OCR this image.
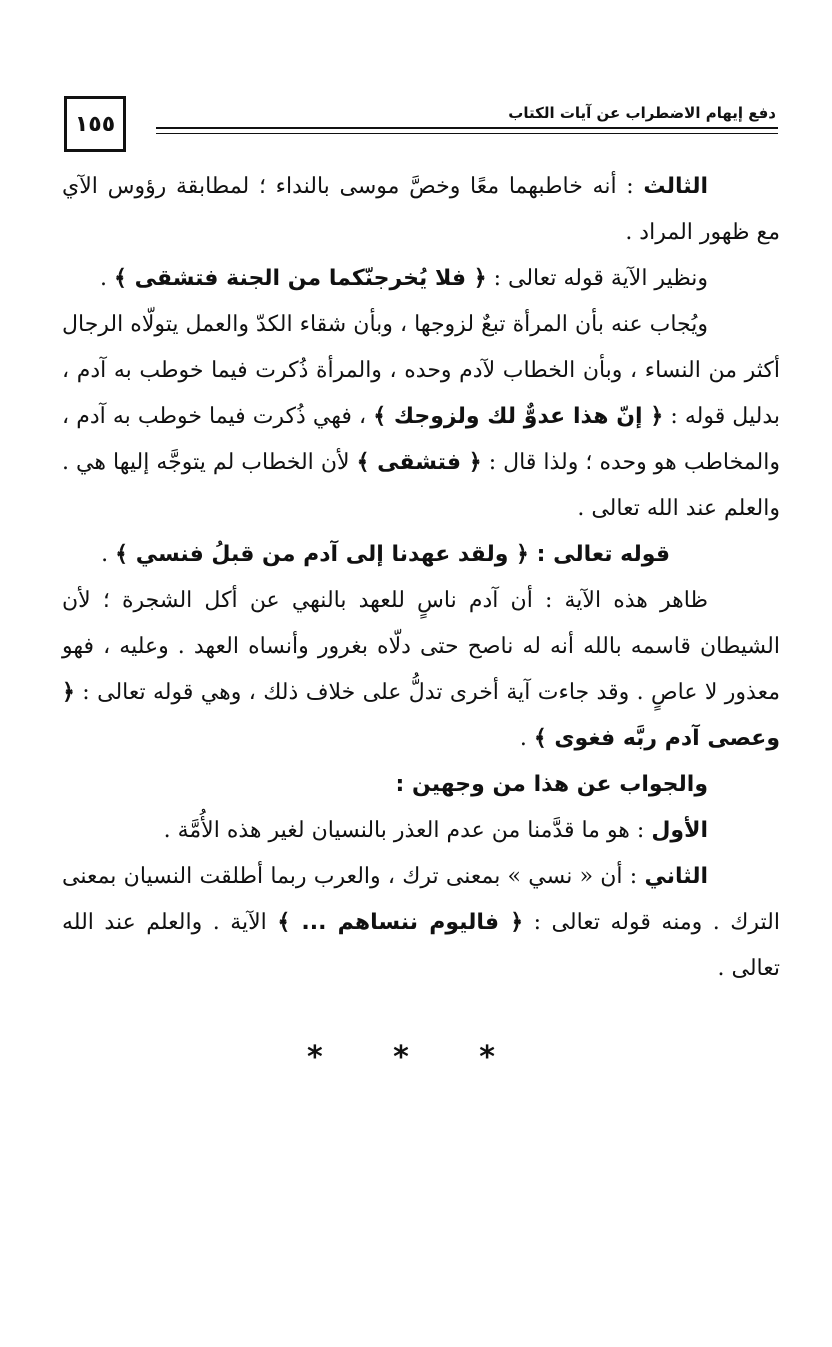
١٥٥	دفع إيهام الاضطراب عن آيات الكتاب

الثالث : أنه خاطبهما معًا وخصَّ موسى بالنداء ؛ لمطابقة رؤوس الآي مع ظهور المراد .

ونظير الآية قوله تعالى : ﴿ فلا يُخرجنّكما من الجنة فتشقى ﴾ .

ويُجاب عنه بأن المرأة تبعٌ لزوجها ، وبأن شقاء الكدّ والعمل يتولّاه الرجال أكثر من النساء ، وبأن الخطاب لآدم وحده ، والمرأة ذُكرت فيما خوطب به آدم ، بدليل قوله : ﴿ إنّ هذا عدوٌّ لك ولزوجك ﴾ ، فهي ذُكرت فيما خوطب به آدم ، والمخاطب هو وحده ؛ ولذا قال : ﴿ فتشقى ﴾ لأن الخطاب لم يتوجَّه إليها هي . والعلم عند الله تعالى .

قوله تعالى : ﴿ ولقد عهدنا إلى آدم من قبلُ فنسي ﴾ .

ظاهر هذه الآية : أن آدم ناسٍ للعهد بالنهي عن أكل الشجرة ؛ لأن الشيطان قاسمه بالله أنه له ناصح حتى دلّاه بغرور وأنساه العهد . وعليه ، فهو معذور لا عاصٍ . وقد جاءت آية أخرى تدلُّ على خلاف ذلك ، وهي قوله تعالى : ﴿ وعصى آدم ربَّه فغوى ﴾ .

والجواب عن هذا من وجهين :

الأول : هو ما قدَّمنا من عدم العذر بالنسيان لغير هذه الأُمَّة .

الثاني : أن « نسي » بمعنى ترك ، والعرب ربما أطلقت النسيان بمعنى الترك . ومنه قوله تعالى : ﴿ فاليوم ننساهم ... ﴾ الآية . والعلم عند الله تعالى .

* * *
